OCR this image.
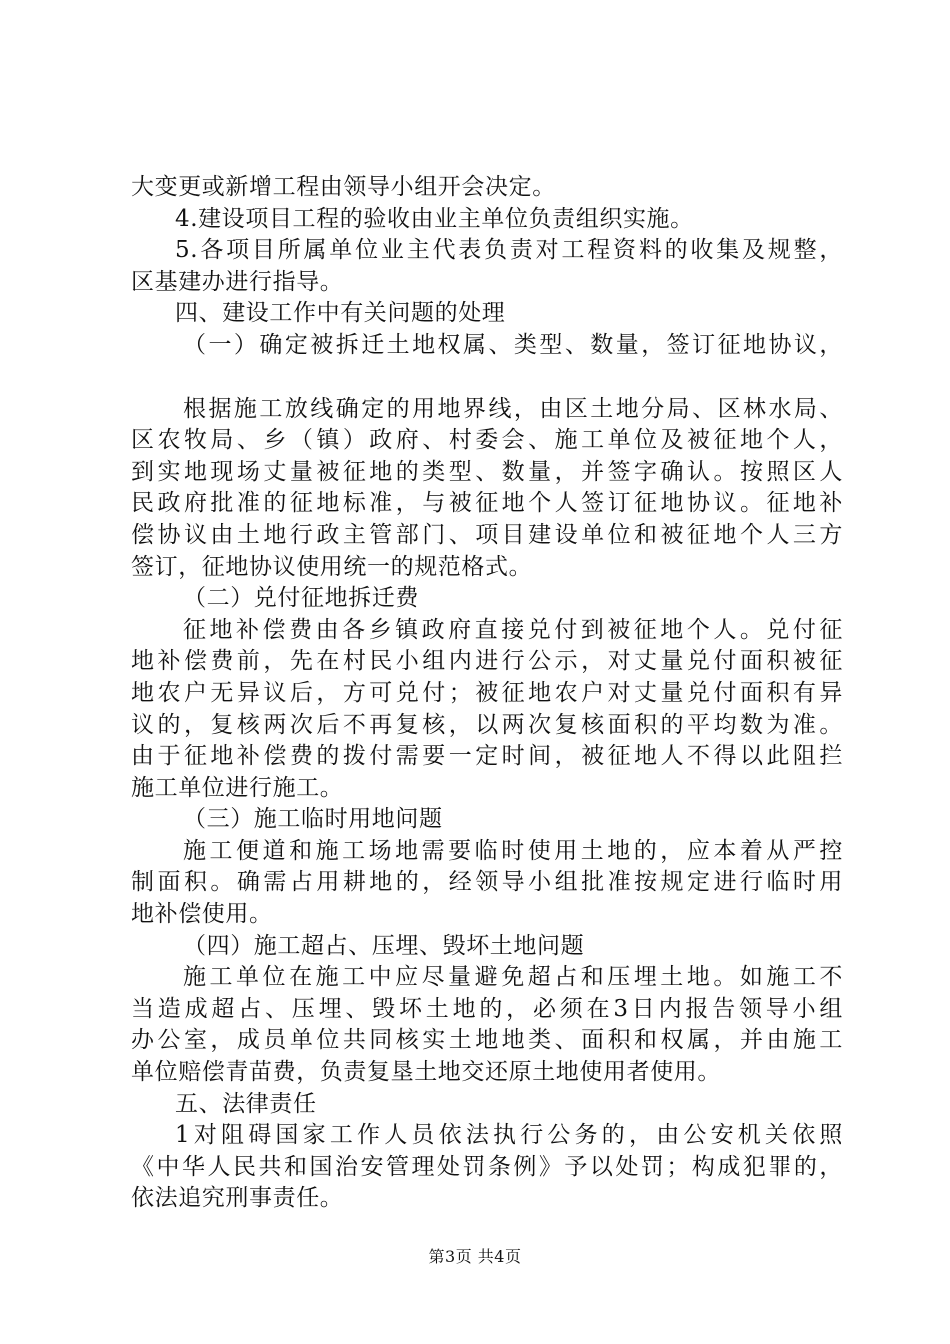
大变更或新增工程由领导小组开会决定。
4.建设项目工程的验收由业主单位负责组织实施。
5.各项目所属单位业主代表负责对工程资料的收集及规整，
区基建办进行指导。
四、建设工作中有关问题的处理
（一）确定被拆迁土地权属、类型、数量，签订征地协议，
根据施工放线确定的用地界线，由区土地分局、区林水局、
区农牧局、乡（镇）政府、村委会、施工单位及被征地个人，
到实地现场丈量被征地的类型、数量，并签字确认。按照区人
民政府批准的征地标准，与被征地个人签订征地协议。征地补
偿协议由土地行政主管部门、项目建设单位和被征地个人三方
签订，征地协议使用统一的规范格式。
（二）兑付征地拆迁费
征地补偿费由各乡镇政府直接兑付到被征地个人。兑付征
地补偿费前，先在村民小组内进行公示，对丈量兑付面积被征
地农户无异议后，方可兑付；被征地农户对丈量兑付面积有异
议的，复核两次后不再复核，以两次复核面积的平均数为准。
由于征地补偿费的拨付需要一定时间，被征地人不得以此阻拦
施工单位进行施工。
（三）施工临时用地问题
施工便道和施工场地需要临时使用土地的，应本着从严控
制面积。确需占用耕地的，经领导小组批准按规定进行临时用
地补偿使用。
（四）施工超占、压埋、毁坏土地问题
施工单位在施工中应尽量避免超占和压埋土地。如施工不
当造成超占、压埋、毁坏土地的，必须在3日内报告领导小组
办公室，成员单位共同核实土地地类、面积和权属，并由施工
单位赔偿青苗费，负责复垦土地交还原土地使用者使用。
五、法律责任
1对阻碍国家工作人员依法执行公务的，由公安机关依照
《中华人民共和国治安管理处罚条例》予以处罚；构成犯罪的，
依法追究刑事责任。
第3页 共4页
